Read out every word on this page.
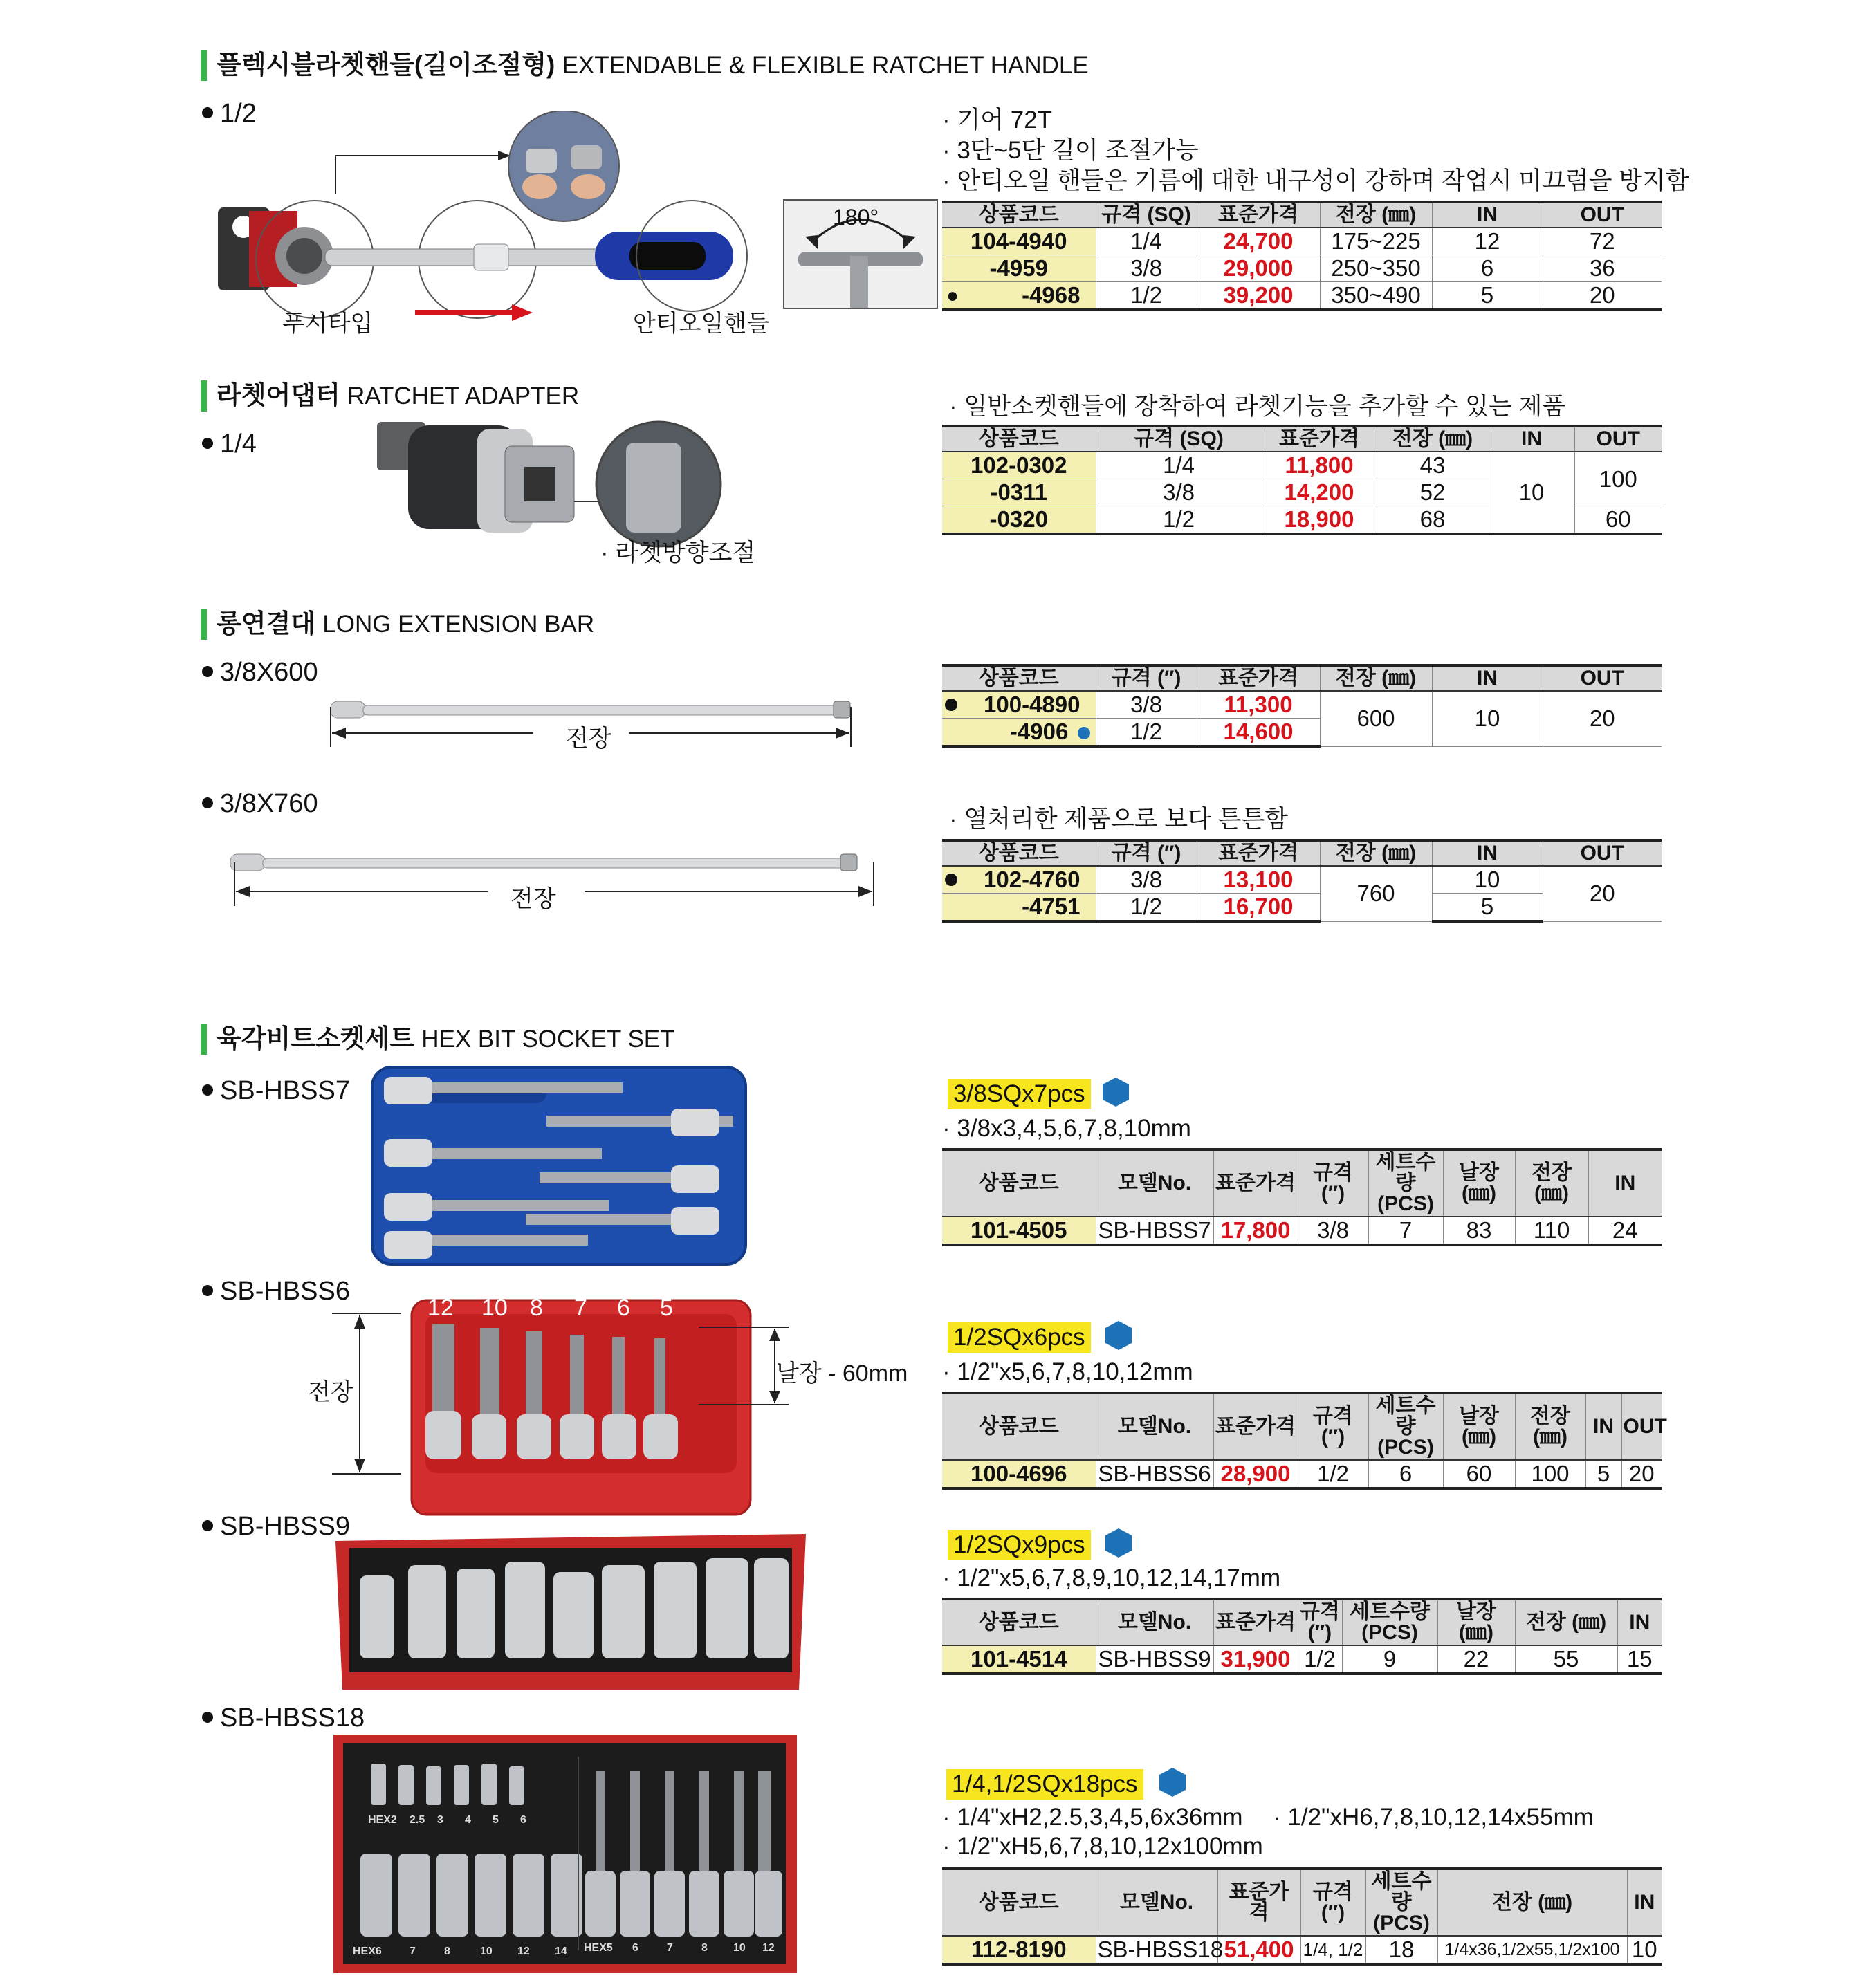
플렉시블라쳇핸들(길이조절형) EXTENDABLE & FLEXIBLE RATCHET HANDLE
1/2
푸시타입	안티오일핸들
180°
· 기어 72T
· 3단~5단 길이 조절가능
· 안티오일 핸들은 기름에 대한 내구성이 강하며 작업시 미끄럼을 방지함
상품코드	규격 (SQ)	표준가격	전장 (㎜)	IN	OUT
104-4940	1/4	24,700	175~225	12	72
-4959	3/8	29,000	250~350	6	36

● -4968	1/2	39,200	350~490	5	20
라쳇어댑터 RATCHET ADAPTER
1/4
· 라쳇방향조절
· 일반소켓핸들에 장착하여 라쳇기능을 추가할 수 있는 제품
상품코드	규격 (SQ)	표준가격	전장 (㎜)	IN	OUT
102-0302	1/4	11,800	43	10	100
-0311	3/8	14,200	52		
-0320	1/2	18,900	68		60
롱연결대 LONG EXTENSION BAR
3/8X600
전장
3/8X760
전장
상품코드	규격 (″)	표준가격	전장 (㎜)	IN	OUT

100-4890	3/8	11,300	600	10	20
-4906	1/2	14,600			
· 열처리한 제품으로 보다 튼튼함
상품코드	규격 (″)	표준가격	전장 (㎜)	IN	OUT

102-4760	3/8	13,100	760	10	20
-4751	1/2	16,700		5	
육각비트소켓세트 HEX BIT SOCKET SET
SB-HBSS7	3/8SQx7pcs
· 3/8x3,4,5,6,7,8,10mm
상품코드	모델No.	표준가격	규격 (″)	세트수량 (PCS)	날장 (㎜)	전장 (㎜)	IN
101-4505	SB-HBSS7	17,800	3/8	7	83	110	24
SB-HBSS6
12 10 8 7 6 5
전장
날장 - 60mm
1/2SQx6pcs
· 1/2"x5,6,7,8,10,12mm
상품코드	모델No.	표준가격	규격 (″)	세트수량 (PCS)	날장 (㎜)	전장 (㎜)	IN	OUT
100-4696	SB-HBSS6	28,900	1/2	6	60	100	5	20
SB-HBSS9
1/2SQx9pcs
· 1/2"x5,6,7,8,9,10,12,14,17mm
상품코드	모델No.	표준가격	규격 (″)	세트수량 (PCS)	날장 (㎜)	전장 (㎜)	IN
101-4514	SB-HBSS9	31,900	1/2	9	22	55	15
SB-HBSS18
HEX2 2.5 3 4 5 6
HEX6	7	8	10 12 14 HEX5 6	7	8 10 12
1/4,1/2SQx18pcs
· 1/4"xH2,2.5,3,4,5,6x36mm	· 1/2"xH6,7,8,10,12,14x55mm
· 1/2"xH5,6,7,8,10,12x100mm
상품코드	모델No.	표준가격	규격 (″)	세트수량 (PCS)	전장 (㎜)	IN
112-8190	SB-HBSS18	51,400	1/4, 1/2	18	1/4x36,1/2x55,1/2x100	10
